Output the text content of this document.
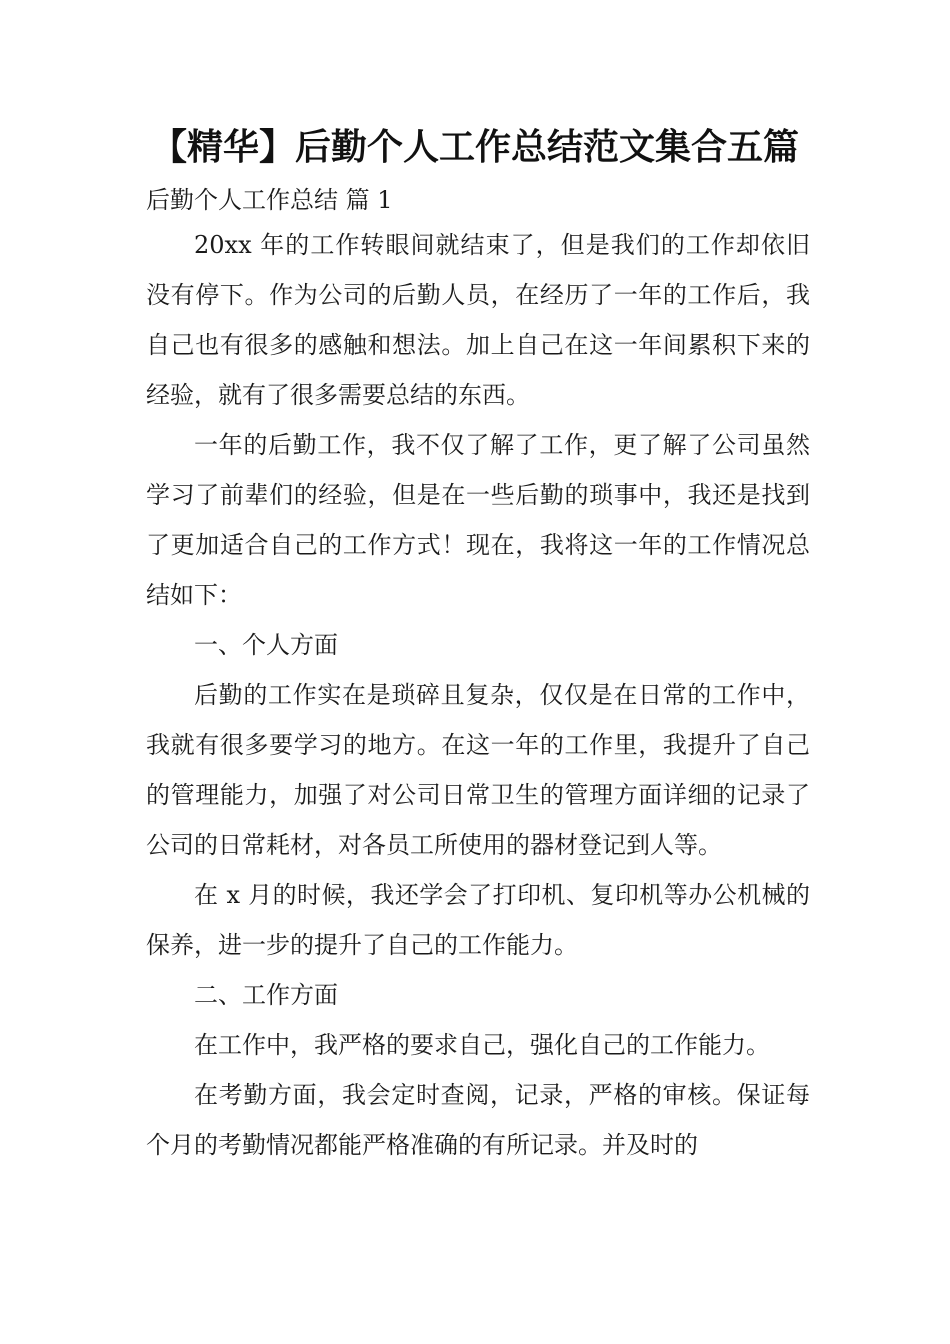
【精华】后勤个人工作总结范文集合五篇

后勤个人工作总结 篇 1

20xx 年的工作转眼间就结束了，但是我们的工作却依旧没有停下。作为公司的后勤人员，在经历了一年的工作后，我自己也有很多的感触和想法。加上自己在这一年间累积下来的经验，就有了很多需要总结的东西。

一年的后勤工作，我不仅了解了工作，更了解了公司虽然学习了前辈们的经验，但是在一些后勤的琐事中，我还是找到了更加适合自己的工作方式！现在，我将这一年的工作情况总结如下：

一、个人方面

后勤的工作实在是琐碎且复杂，仅仅是在日常的工作中，我就有很多要学习的地方。在这一年的工作里，我提升了自己的管理能力，加强了对公司日常卫生的管理方面详细的记录了公司的日常耗材，对各员工所使用的器材登记到人等。

在 x 月的时候，我还学会了打印机、复印机等办公机械的保养，进一步的提升了自己的工作能力。

二、工作方面

在工作中，我严格的要求自己，强化自己的工作能力。

在考勤方面，我会定时查阅，记录，严格的审核。保证每个月的考勤情况都能严格准确的有所记录。并及时的
